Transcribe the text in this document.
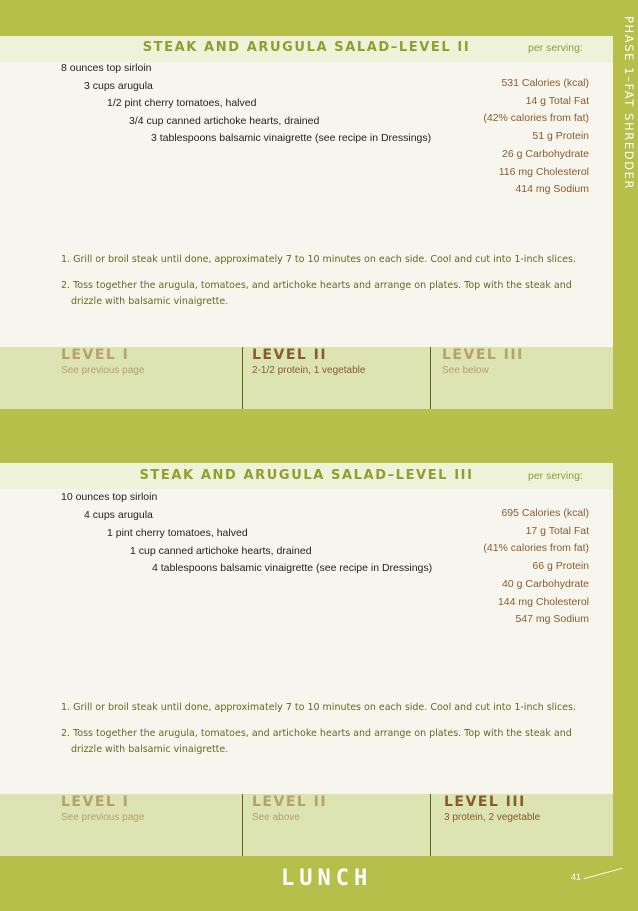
PHASE 1–FAT SHREDDER
STEAK AND ARUGULA SALAD–LEVEL II	per serving:
8 ounces top sirloin
3 cups arugula
1/2 pint cherry tomatoes, halved
3/4 cup canned artichoke hearts, drained
3 tablespoons balsamic vinaigrette (see recipe in Dressings)
531 Calories (kcal)
14 g Total Fat
(42% calories from fat)
51 g Protein
26 g Carbohydrate
116 mg Cholesterol
414 mg Sodium
1. Grill or broil steak until done, approximately 7 to 10 minutes on each side. Cool and cut into 1-inch slices.
2. Toss together the arugula, tomatoes, and artichoke hearts and arrange on plates. Top with the steak and
drizzle with balsamic vinaigrette.
LEVEL I
See previous page
LEVEL II
2-1/2 protein, 1 vegetable
LEVEL III
See below
STEAK AND ARUGULA SALAD–LEVEL III	per serving:
10 ounces top sirloin
4 cups arugula
1 pint cherry tomatoes, halved
1 cup canned artichoke hearts, drained
4 tablespoons balsamic vinaigrette (see recipe in Dressings)
695 Calories (kcal)
17 g Total Fat
(41% calories from fat)
66 g Protein
40 g Carbohydrate
144 mg Cholesterol
547 mg Sodium
1. Grill or broil steak until done, approximately 7 to 10 minutes on each side. Cool and cut into 1-inch slices.
2. Toss together the arugula, tomatoes, and artichoke hearts and arrange on plates. Top with the steak and
drizzle with balsamic vinaigrette.
LEVEL I
See previous page
LEVEL II
See above
LEVEL III
3 protein, 2 vegetable
LUNCH	41
